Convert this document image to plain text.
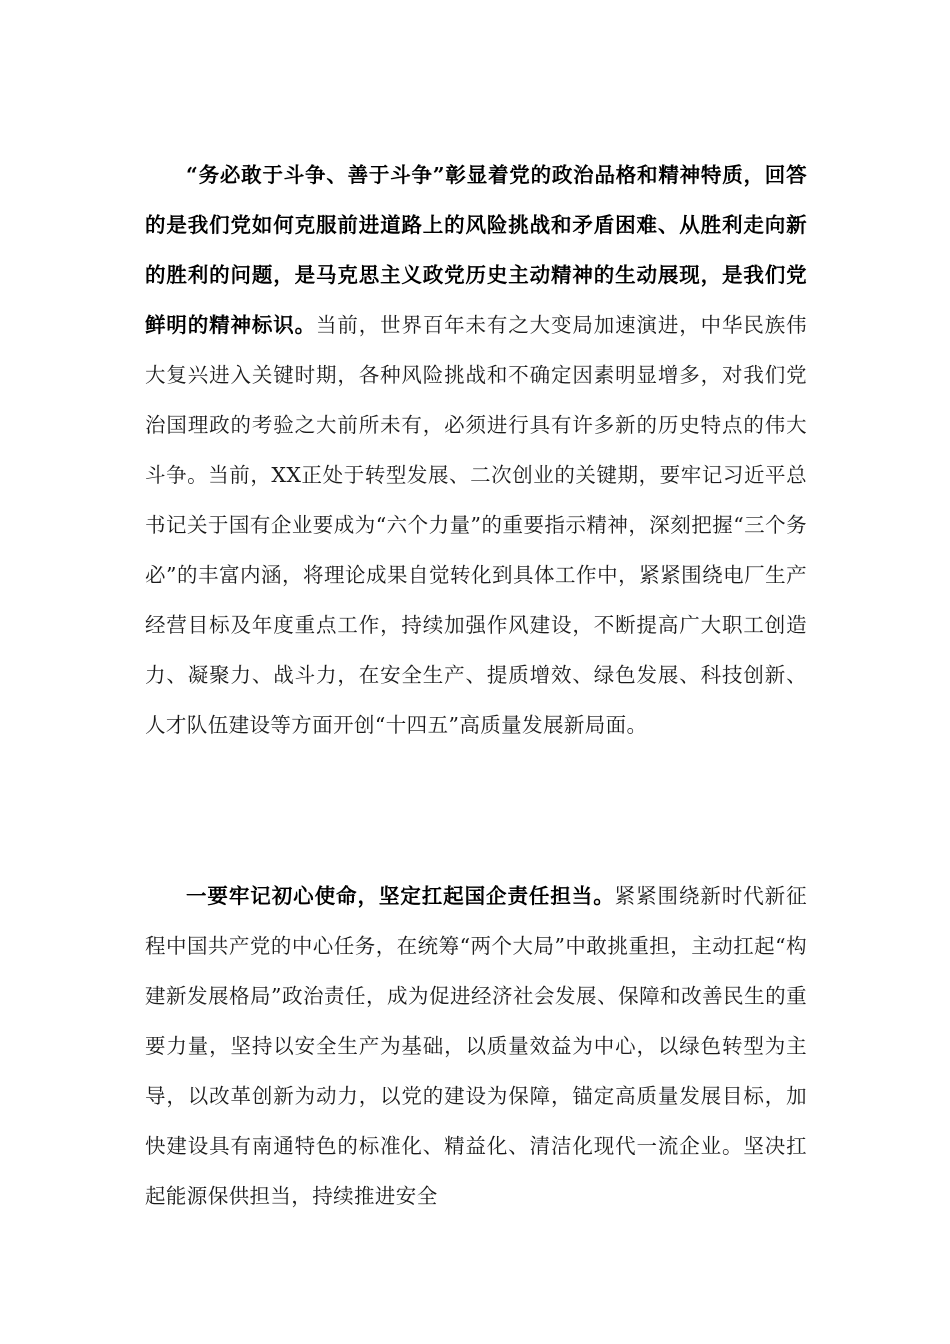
“务必敢于斗争、善于斗争”彰显着党的政治品格和精神特质，回答的是我们党如何克服前进道路上的风险挑战和矛盾困难、从胜利走向新的胜利的问题，是马克思主义政党历史主动精神的生动展现，是我们党鲜明的精神标识。当前，世界百年未有之大变局加速演进，中华民族伟大复兴进入关键时期，各种风险挑战和不确定因素明显增多，对我们党治国理政的考验之大前所未有，必须进行具有许多新的历史特点的伟大斗争。当前，XX正处于转型发展、二次创业的关键期，要牢记习近平总书记关于国有企业要成为“六个力量”的重要指示精神，深刻把握“三个务必”的丰富内涵，将理论成果自觉转化到具体工作中，紧紧围绕电厂生产经营目标及年度重点工作，持续加强作风建设，不断提高广大职工创造力、凝聚力、战斗力，在安全生产、提质增效、绿色发展、科技创新、人才队伍建设等方面开创“十四五”高质量发展新局面。

一要牢记初心使命，坚定扛起国企责任担当。紧紧围绕新时代新征程中国共产党的中心任务，在统筹“两个大局”中敢挑重担，主动扛起“构建新发展格局”政治责任，成为促进经济社会发展、保障和改善民生的重要力量，坚持以安全生产为基础，以质量效益为中心，以绿色转型为主导，以改革创新为动力，以党的建设为保障，锚定高质量发展目标，加快建设具有南通特色的标准化、精益化、清洁化现代一流企业。坚决扛起能源保供担当，持续推进安全
